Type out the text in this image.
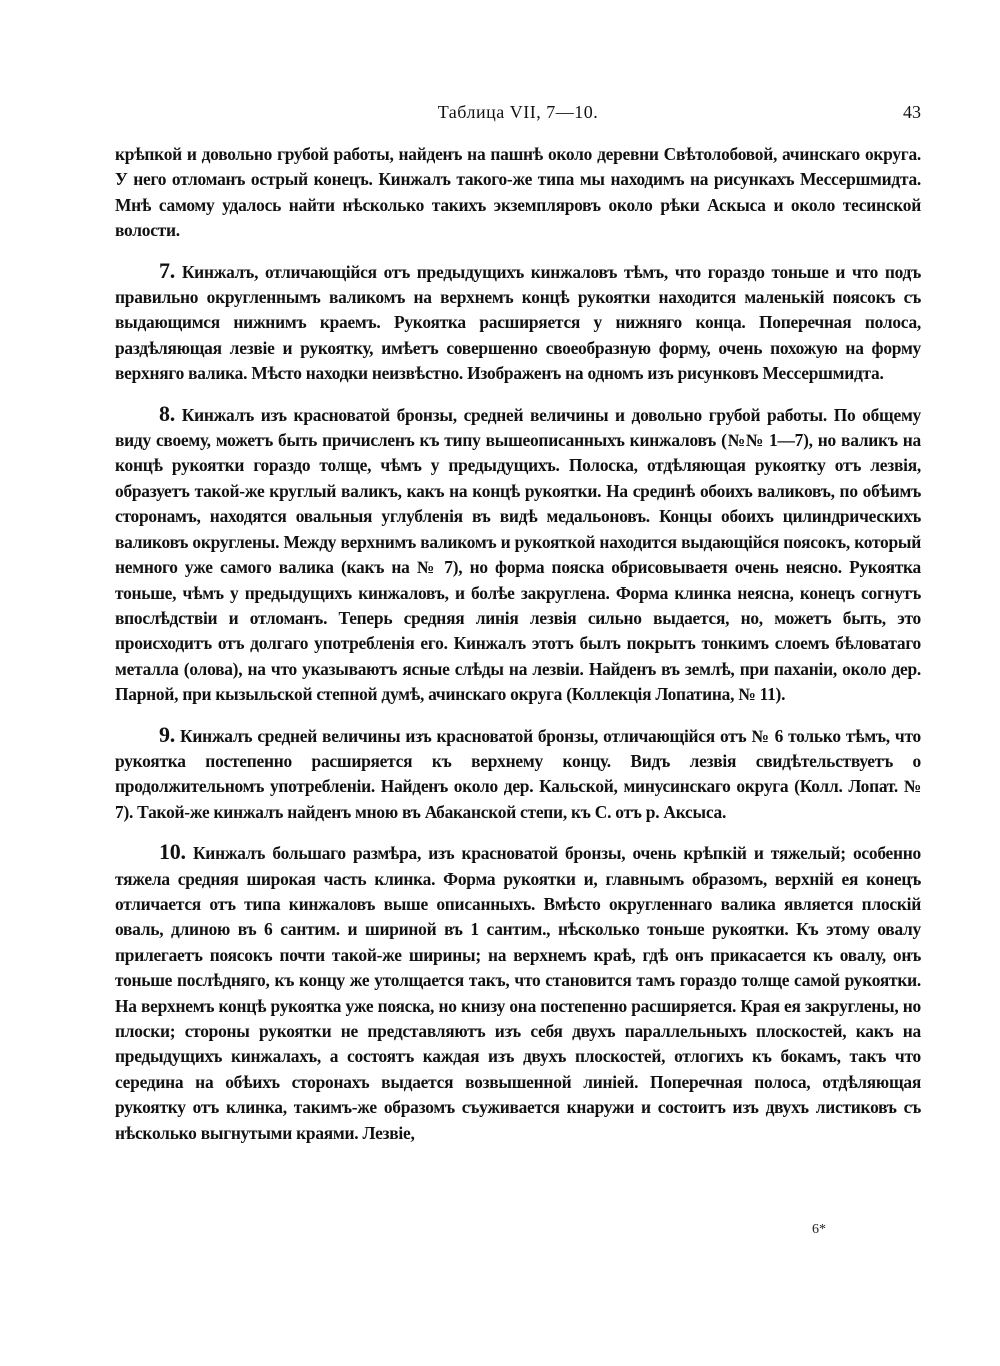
Таблица VII, 7—10.	43

крѣпкой и довольно грубой работы, найденъ на пашнѣ около деревни Свѣтолобовой, ачинскаго округа. У него отломанъ острый конецъ. Кинжалъ такого-же типа мы находимъ на рисункахъ Мессершмидта. Мнѣ самому удалось найти нѣсколько такихъ экземпляровъ около рѣки Аскыса и около тесинской волости.

7. Кинжалъ, отличающійся отъ предыдущихъ кинжаловъ тѣмъ, что гораздо тоньше и что подъ правильно округленнымъ валикомъ на верхнемъ концѣ рукоятки находится маленькій поясокъ съ выдающимся нижнимъ краемъ. Рукоятка расширяется у нижняго конца. Поперечная полоса, раздѣляющая лезвіе и рукоятку, имѣетъ совершенно своеобразную форму, очень похожую на форму верхняго валика. Мѣсто находки неизвѣстно. Изображенъ на одномъ изъ рисунковъ Мессершмидта.

8. Кинжалъ изъ красноватой бронзы, средней величины и довольно грубой работы. По общему виду своему, можетъ быть причисленъ къ типу вышеописанныхъ кинжаловъ (№№ 1—7), но валикъ на концѣ рукоятки гораздо толще, чѣмъ у предыдущихъ. Полоска, отдѣляющая рукоятку отъ лезвія, образуетъ такой-же круглый валикъ, какъ на концѣ рукоятки. На срединѣ обоихъ валиковъ, по обѣимъ сторонамъ, находятся овальныя углубленія въ видѣ медальоновъ. Концы обоихъ цилиндрическихъ валиковъ округлены. Между верхнимъ валикомъ и рукояткой находится выдающійся поясокъ, который немного уже самого валика (какъ на № 7), но форма пояска обрисовываетя очень неясно. Рукоятка тоньше, чѣмъ у предыдущихъ кинжаловъ, и болѣе закруглена. Форма клинка неясна, конецъ согнутъ впослѣдствіи и отломанъ. Теперь средняя линія лезвія сильно выдается, но, можетъ быть, это происходитъ отъ долгаго употребленія его. Кинжалъ этотъ былъ покрытъ тонкимъ слоемъ бѣловатаго металла (олова), на что указываютъ ясные слѣды на лезвіи. Найденъ въ землѣ, при паханіи, около дер. Парной, при кызыльской степной думѣ, ачинскаго округа (Коллекція Лопатина, № 11).

9. Кинжалъ средней величины изъ красноватой бронзы, отличающійся отъ № 6 только тѣмъ, что рукоятка постепенно расширяется къ верхнему концу. Видъ лезвія свидѣтельствуетъ о продолжительномъ употребленіи. Найденъ около дер. Кальской, минусинскаго округа (Колл. Лопат. № 7). Такой-же кинжалъ найденъ мною въ Абаканской степи, къ С. отъ р. Аксыса.

10. Кинжалъ большаго размѣра, изъ красноватой бронзы, очень крѣпкій и тяжелый; особенно тяжела средняя широкая часть клинка. Форма рукоятки и, главнымъ образомъ, верхній ея конецъ отличается отъ типа кинжаловъ выше описанныхъ. Вмѣсто округленнаго валика является плоскій оваль, длиною въ 6 сантим. и шириной въ 1 сантим., нѣсколько тоньше рукоятки. Къ этому овалу прилегаетъ поясокъ почти такой-же ширины; на верхнемъ краѣ, гдѣ онъ прикасается къ овалу, онъ тоньше послѣдняго, къ концу же утолщается такъ, что становится тамъ гораздо толще самой рукоятки. На верхнемъ концѣ рукоятка уже пояска, но книзу она постепенно расширяется. Края ея закруглены, но плоски; стороны рукоятки не представляютъ изъ себя двухъ параллельныхъ плоскостей, какъ на предыдущихъ кинжалахъ, а состоятъ каждая изъ двухъ плоскостей, отлогихъ къ бокамъ, такъ что середина на обѣихъ сторонахъ выдается возвышенной линіей. Поперечная полоса, отдѣляющая рукоятку отъ клинка, такимъ-же образомъ съуживается кнаружи и состоитъ изъ двухъ листиковъ съ нѣсколько выгнутыми краями. Лезвіе,

6*
